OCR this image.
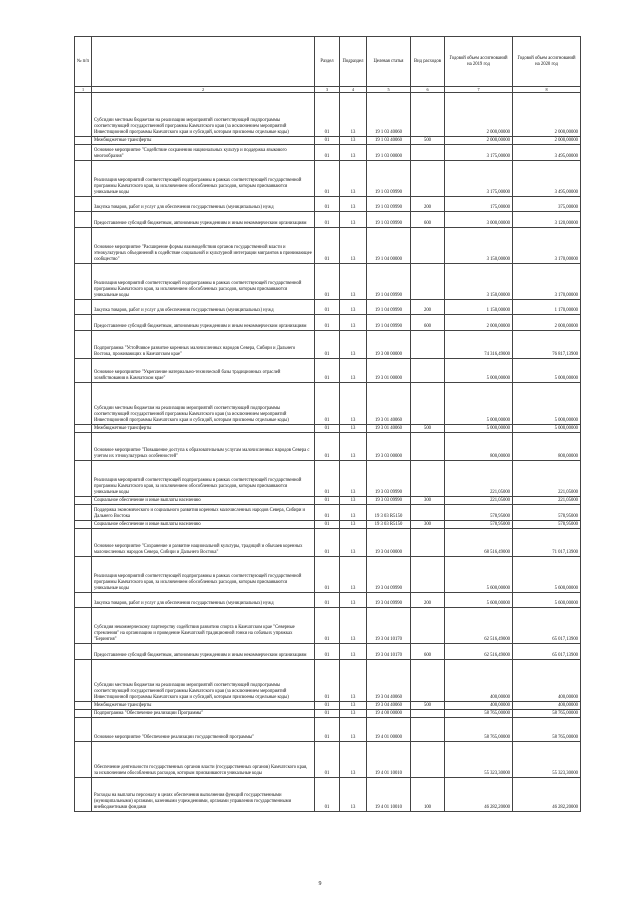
№ п/п		Раздел	Подраздел	Целевая статья	Вид расходов	Годовой объем ассигнований на 2019 год	Годовой объем ассигнований на 2020 год
1	2	3	4	5	6	7	8
	Субсидии местным бюджетам на реализацию мероприятий соответствующей подпрограммы соответствующей государственной программы Камчатского края (за исключением мероприятий Инвестиционной программы Камчатского края и субсидий, которым присвоены отдельные коды)	01	13	19 1 03 40060		2 000,00000	2 000,00000
	Межбюджетные трансферты	01	13	19 1 03 40060	500	2 000,00000	2 000,00000
	Основное мероприятие "Содействие сохранению национальных культур и поддержка языкового многообразия"	01	13	19 1 03 00000		3 175,00000	3 495,00000
	Реализация мероприятий соответствующей подпрограммы в рамках соответствующей государственной программы Камчатского края, за исключением обособленных расходов, которым присваиваются уникальные коды	01	13	19 1 03 09990		3 175,00000	3 495,00000
	Закупка товаров, работ и услуг для обеспечения государственных (муниципальных) нужд	01	13	19 1 03 09990	200	175,00000	375,00000
	Предоставление субсидий бюджетным, автономным учреждениям и иным некоммерческим организациям	01	13	19 1 03 09990	600	3 000,00000	3 120,00000
	Основное мероприятие "Расширение формы взаимодействия органов государственной власти и этнокультурных объединений в содействие социальной и культурной интеграции мигрантов в принимающее сообщество"	01	13	19 1 04 00000		3 150,00000	3 170,00000
	Реализация мероприятий соответствующей подпрограммы в рамках соответствующей государственной программы Камчатского края, за исключением обособленных расходов, которым присваиваются уникальные коды	01	13	19 1 04 09990		3 150,00000	3 170,00000
	Закупка товаров, работ и услуг для обеспечения государственных (муниципальных) нужд	01	13	19 1 04 09990	200	1 150,00000	1 170,00000
	Предоставление субсидий бюджетным, автономным учреждениям и иным некоммерческим организациям	01	13	19 1 04 09990	600	2 000,00000	2 000,00000
	Подпрограмма "Устойчивое развитие коренных малочисленных народов Севера, Сибири и Дальнего Востока, проживающих в Камчатском крае"	01	13	19 3 00 00000		74 316,49000	76 817,13900
	Основное мероприятие "Укрепление материально-технической базы традиционных отраслей хозяйствования в Камчатском крае"	01	13	19 3 01 00000		5 000,00000	5 000,00000
	Субсидии местным бюджетам на реализацию мероприятий соответствующей подпрограммы соответствующей государственной программы Камчатского края (за исключением мероприятий Инвестиционной программы Камчатского края и субсидий, которым присвоены отдельные коды)	01	13	19 3 01 40060		5 000,00000	5 000,00000
	Межбюджетные трансферты	01	13	19 3 01 40060	500	5 000,00000	5 000,00000
	Основное мероприятие "Повышение доступа к образовательным услугам малочисленных народов Севера с учетом их этнокультурных особенностей"	01	13	19 3 03 00000		800,00000	800,00000
	Реализация мероприятий соответствующей подпрограммы в рамках соответствующей государственной программы Камчатского края, за исключением обособленных расходов, которым присваиваются уникальные коды	01	13	19 3 03 09990		221,05000	221,05000
	Социальное обеспечение и иные выплаты населению	01	13	19 3 03 09990	300	221,05000	221,05000
	Поддержка экономического и социального развития коренных малочисленных народов Севера, Сибири и Дальнего Востока	01	13	19 3 03 R5150		578,95000	578,95000
	Социальное обеспечение и иные выплаты населению	01	13	19 3 03 R5150	300	578,95000	578,95000
	Основное мероприятие "Сохранение и развитие национальной культуры, традиций и обычаев коренных малочисленных народов Севера, Сибири и Дальнего Востока"	01	13	19 3 04 00000		68 516,49000	71 017,13900
	Реализация мероприятий соответствующей подпрограммы в рамках соответствующей государственной программы Камчатского края, за исключением обособленных расходов, которым присваиваются уникальные коды	01	13	19 3 04 09990		5 600,00000	5 600,00000
	Закупка товаров, работ и услуг для обеспечения государственных (муниципальных) нужд	01	13	19 3 04 09990	200	5 600,00000	5 600,00000
	Субсидия некоммерческому партнерству содействия развитию спорта в Камчатском крае "Северные стремления" на организацию и проведение Камчатской традиционной гонки на собачьих упряжках "Берингия"	01	13	19 3 04 10170		62 516,49000	65 017,13900
	Предоставление субсидий бюджетным, автономным учреждениям и иным некоммерческим организациям	01	13	19 3 04 10170	600	62 516,49000	65 017,13900
	Субсидии местным бюджетам на реализацию мероприятий соответствующей подпрограммы соответствующей государственной программы Камчатского края (за исключением мероприятий Инвестиционной программы Камчатского края и субсидий, которым присвоены отдельные коды)	01	13	19 3 04 40060		400,00000	400,00000
	Межбюджетные трансферты	01	13	19 3 04 40060	500	400,00000	400,00000
	Подпрограмма "Обеспечение реализации Программы"	01	13	19 4 00 00000		58 765,00000	58 765,00000
	Основное мероприятие "Обеспечение реализации государственной программы"	01	13	19 4 01 00000		58 765,00000	58 765,00000
	Обеспечение деятельности государственных органов власти (государственных органов) Камчатского края, за исключением обособленных расходов, которым присваиваются уникальные коды	01	13	19 4 01 10010		55 323,30000	55 323,30000
	Расходы на выплаты персоналу в целях обеспечения выполнения функций государственными (муниципальными) органами, казенными учреждениями, органами управления государственными внебюджетными фондами	01	13	19 4 01 10010	100	46 282,20000	46 282,20000
9
